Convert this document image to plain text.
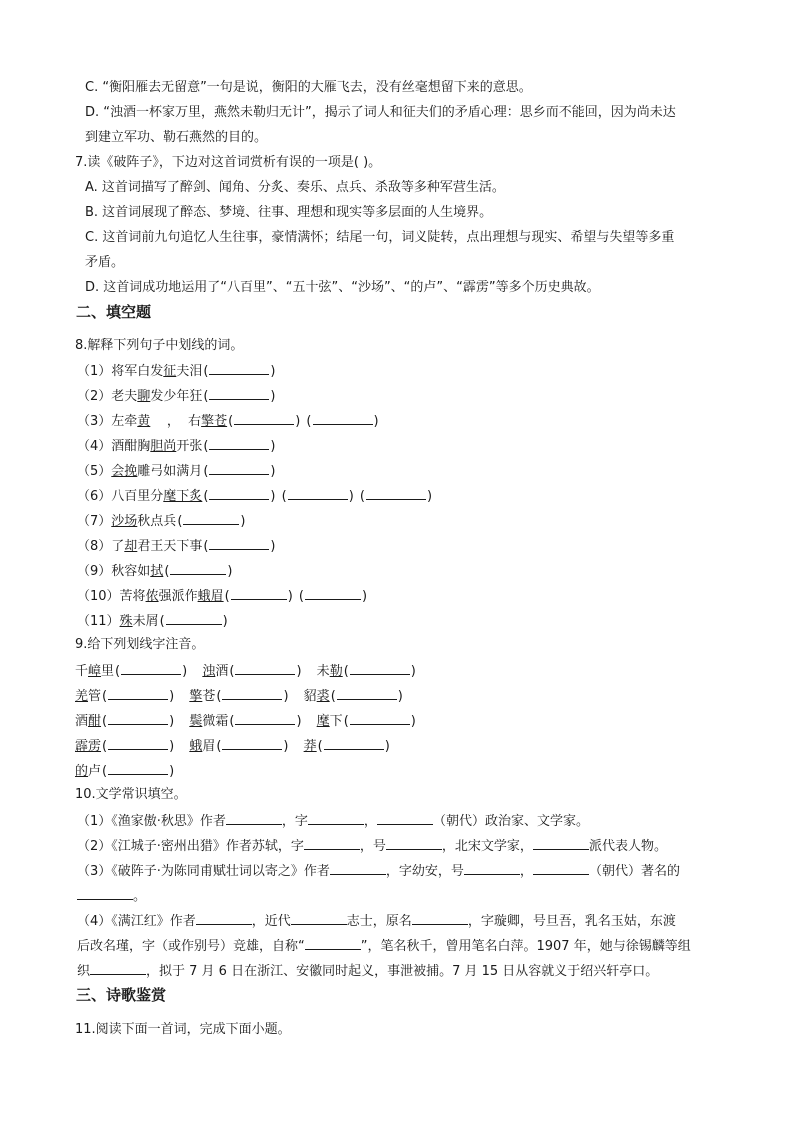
C. “衡阳雁去无留意”一句是说，衡阳的大雁飞去，没有丝毫想留下来的意思。

D. “浊酒一杯家万里，燕然未勒归无计”，揭示了词人和征夫们的矛盾心理：思乡而不能回，因为尚未达

到建立军功、勒石燕然的目的。

7.读《破阵子》，下边对这首词赏析有误的一项是( )。

A. 这首词描写了醉剑、闻角、分炙、奏乐、点兵、杀敌等多种军营生活。

B. 这首词展现了醉态、梦境、往事、理想和现实等多层面的人生境界。

C. 这首词前九句追忆人生往事，豪情满怀；结尾一句，词义陡转，点出理想与现实、希望与失望等多重

矛盾。

D. 这首词成功地运用了“八百里”、“五十弦”、“沙场”、“的卢”、“霹雳”等多个历史典故。

二、填空题

8.解释下列句子中划线的词。

（1）将军白发征夫泪(	)

（2）老夫聊发少年狂(	)

（3）左牵黄    ，  右擎苍(	) (	)

（4）酒酣胸胆尚开张(	)

（5）会挽雕弓如满月(	)

（6）八百里分麾下炙(	) (	) (	)

（7）沙场秋点兵(	)

（8）了却君王天下事(	)

（9）秋容如拭(	)

（10）苦将侬强派作蛾眉(	) (	)

（11）殊未屑(	)

9.给下列划线字注音。

千嶂里(	) 浊酒(	) 未勒(	)

羌管(	) 擎苍(	) 貂裘(	)

酒酣(	) 鬓微霜(	) 麾下(	)

霹雳(	) 蛾眉(	) 莽(	)

的卢(	)

10.文学常识填空。

（1）《渔家傲·秋思》作者	，字	，	（朝代）政治家、文学家。

（2）《江城子·密州出猎》作者苏轼，字	，号	，北宋文学家，	派代表人物。

（3）《破阵子·为陈同甫赋壮词以寄之》作者	，字幼安，号	，	（朝代）著名的

。

（4）《满江红》作者	，近代	志士，原名	，字璇卿，号旦吾，乳名玉姑，东渡

后改名瑾，字（或作别号）竞雄，自称“	”，笔名秋千，曾用笔名白萍。1907 年，她与徐锡麟等组

织	，拟于 7 月 6 日在浙江、安徽同时起义，事泄被捕。7 月 15 日从容就义于绍兴轩亭口。

三、诗歌鉴赏

11.阅读下面一首词，完成下面小题。
